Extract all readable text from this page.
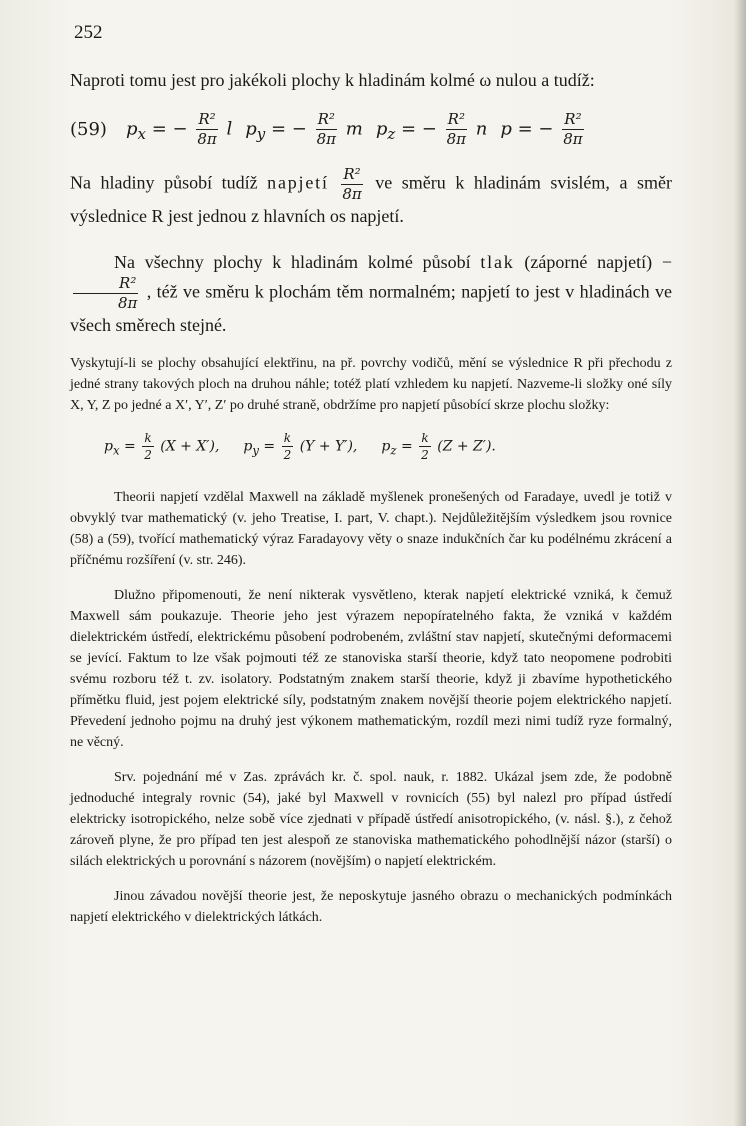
252

Naproti tomu jest pro jakékoli plochy k hladinám kolmé ω nulou a tudíž:

(59) $p_x$ = − $\frac{\text{R²}}{8\pi}$ l $p_y$ = − $\frac{\text{R²}}{8\pi}$ m $p_z$ = − $\frac{\text{R²}}{8\pi}$ n p = − $\frac{\text{R²}}{8\pi}$

Na hladiny působí tudíž napjetí $\frac{\text{R²}}{8\pi}$ ve směru k hladinám svislém, a směr výslednice R jest jednou z hlavních os napjetí.

Na všechny plochy k hladinám kolmé působí tlak (záporné napjetí) −
$\frac{\text{R²}}{8\pi}$ , též ve směru k plochám těm normalném; napjetí to jest v hladinách ve všech směrech stejné.

Vyskytují-li se plochy obsahující elektřinu, na př. povrchy vodičů, mění se výslednice R při přechodu z jedné strany takových ploch na druhou náhle; totéž platí vzhledem ku napjetí. Nazveme-li složky oné síly X, Y, Z po jedné a X′, Y′, Z′ po druhé straně, obdržíme pro napjetí působící skrze plochu složky:

$p_x = \frac{k}{2} (X + X')$, $p_y = \frac{k}{2} (Y + Y')$, $p_z = \frac{k}{2} (Z + Z')$.

Theorii napjetí vzdělal Maxwell na základě myšlenek pronešených od Faradaye, uvedl je totiž v obvyklý tvar mathematický (v. jeho Treatise, I. part, V. chapt.). Nejdůležitějším výsledkem jsou rovnice (58) a (59), tvořící mathematický výraz Faradayovy věty o snaze indukčních čar ku podélnému zkrácení a příčnému rozšíření (v. str. 246).

Dlužno připomenouti, že není nikterak vysvětleno, kterak napjetí elektrické vzniká, k čemuž Maxwell sám poukazuje. Theorie jeho jest výrazem nepopíratelného fakta, že vzniká v každém dielektrickém ústředí, elektrickému působení podrobeném, zvláštní stav napjetí, skutečnými deformacemi se jevící. Faktum to lze však pojmouti též ze stanoviska starší theorie, když tato neopomene podrobiti svému rozboru též t. zv. isolatory. Podstatným znakem starší theorie, když ji zbavíme hypothetického přímětku fluid, jest pojem elektrické síly, podstatným znakem novější theorie pojem elektrického napjetí. Převedení jednoho pojmu na druhý jest výkonem mathematickým, rozdíl mezi nimi tudíž ryze formalný, ne věcný.

Srv. pojednání mé v Zas. zprávách kr. č. spol. nauk, r. 1882. Ukázal jsem zde, že podobně jednoduché integraly rovnic (54), jaké byl Maxwell v rovnicích (55) byl nalezl pro případ ústředí elektricky isotropického, nelze sobě více zjednati v případě ústředí anisotropického, (v. násl. §.), z čehož zároveň plyne, že pro případ ten jest alespoň ze stanoviska mathematického pohodlnější názor (starší) o silách elektrických u porovnání s názorem (novějším) o napjetí elektrickém.

Jinou závadou novější theorie jest, že neposkytuje jasného obrazu o mechanických podmínkách napjetí elektrického v dielektrických látkách.
